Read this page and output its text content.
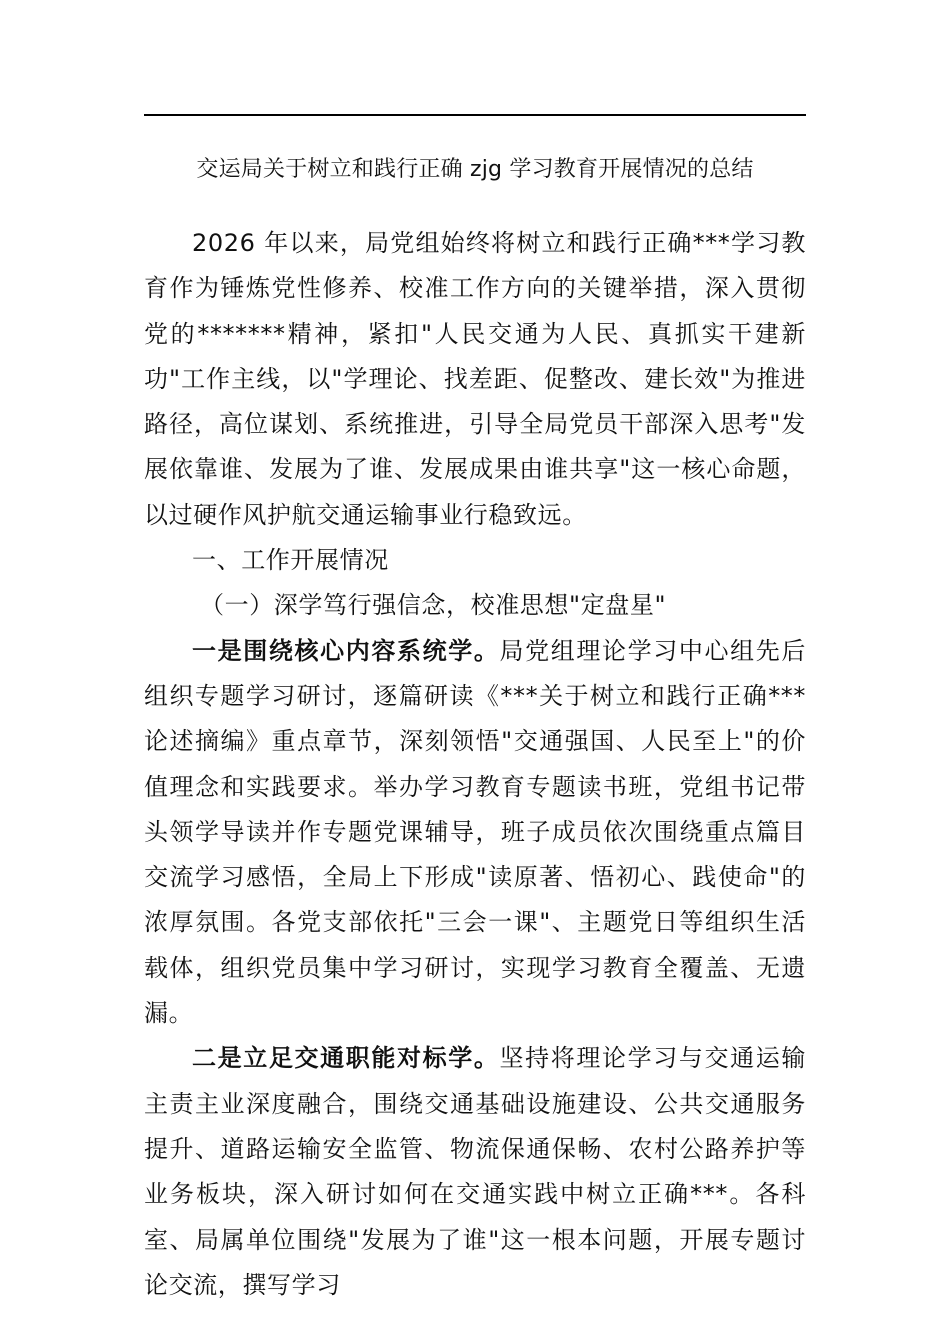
交运局关于树立和践行正确 zjg 学习教育开展情况的总结

2026 年以来，局党组始终将树立和践行正确***学习教育作为锤炼党性修养、校准工作方向的关键举措，深入贯彻党的*******精神，紧扣"人民交通为人民、真抓实干建新功"工作主线，以"学理论、找差距、促整改、建长效"为推进路径，高位谋划、系统推进，引导全局党员干部深入思考"发展依靠谁、发展为了谁、发展成果由谁共享"这一核心命题，以过硬作风护航交通运输事业行稳致远。

一、工作开展情况

（一）深学笃行强信念，校准思想"定盘星"

一是围绕核心内容系统学。局党组理论学习中心组先后组织专题学习研讨，逐篇研读《***关于树立和践行正确***论述摘编》重点章节，深刻领悟"交通强国、人民至上"的价值理念和实践要求。举办学习教育专题读书班，党组书记带头领学导读并作专题党课辅导，班子成员依次围绕重点篇目交流学习感悟，全局上下形成"读原著、悟初心、践使命"的浓厚氛围。各党支部依托"三会一课"、主题党日等组织生活载体，组织党员集中学习研讨，实现学习教育全覆盖、无遗漏。

二是立足交通职能对标学。坚持将理论学习与交通运输主责主业深度融合，围绕交通基础设施建设、公共交通服务提升、道路运输安全监管、物流保通保畅、农村公路养护等业务板块，深入研讨如何在交通实践中树立正确***。各科室、局属单位围绕"发展为了谁"这一根本问题，开展专题讨论交流，撰写学习
